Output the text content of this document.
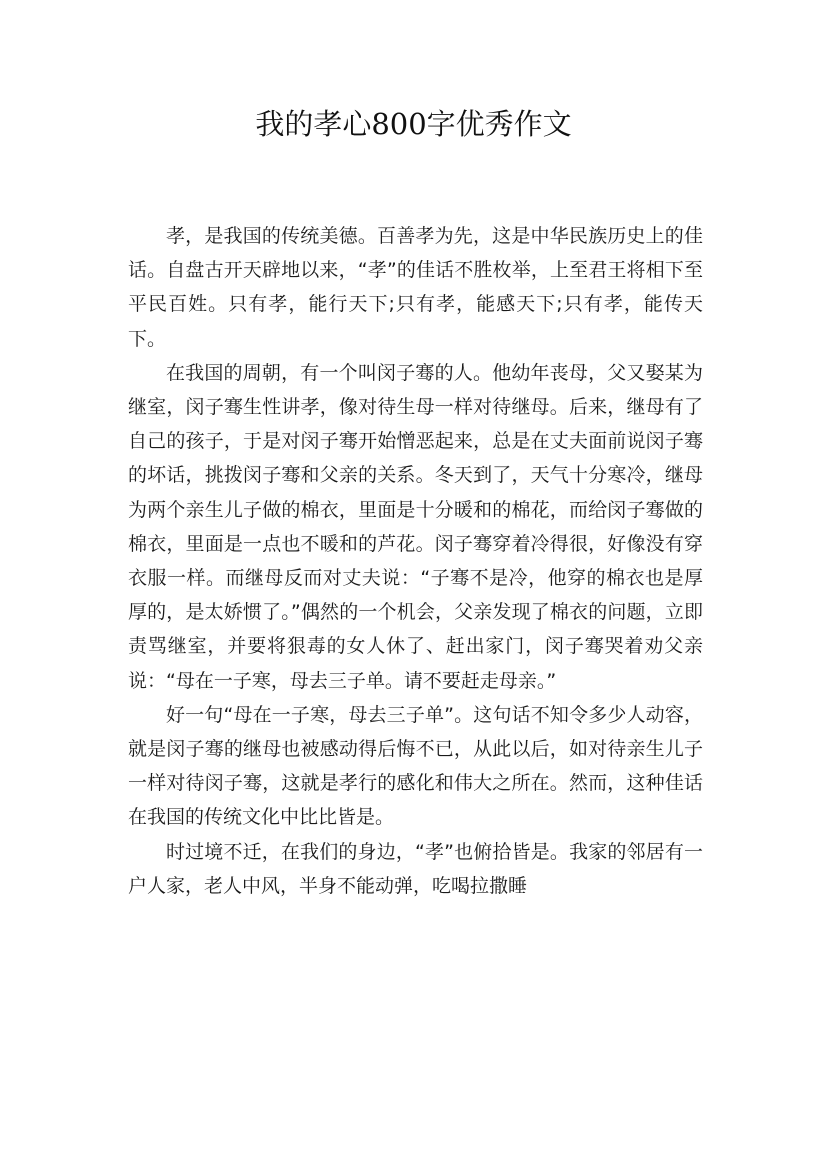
我的孝心800字优秀作文

孝，是我国的传统美德。百善孝为先，这是中华民族历史上的佳话。自盘古开天辟地以来，“孝”的佳话不胜枚举，上至君王将相下至平民百姓。只有孝，能行天下;只有孝，能感天下;只有孝，能传天下。

在我国的周朝，有一个叫闵子骞的人。他幼年丧母，父又娶某为继室，闵子骞生性讲孝，像对待生母一样对待继母。后来，继母有了自己的孩子，于是对闵子骞开始憎恶起来，总是在丈夫面前说闵子骞的坏话，挑拨闵子骞和父亲的关系。冬天到了，天气十分寒冷，继母为两个亲生儿子做的棉衣，里面是十分暖和的棉花，而给闵子骞做的棉衣，里面是一点也不暖和的芦花。闵子骞穿着冷得很，好像没有穿衣服一样。而继母反而对丈夫说：“子骞不是冷，他穿的棉衣也是厚厚的，是太娇惯了。”偶然的一个机会，父亲发现了棉衣的问题，立即责骂继室，并要将狠毒的女人休了、赶出家门，闵子骞哭着劝父亲说：“母在一子寒，母去三子单。请不要赶走母亲。”

好一句“母在一子寒，母去三子单”。这句话不知令多少人动容，就是闵子骞的继母也被感动得后悔不已，从此以后，如对待亲生儿子一样对待闵子骞，这就是孝行的感化和伟大之所在。然而，这种佳话在我国的传统文化中比比皆是。

时过境不迁，在我们的身边，“孝”也俯拾皆是。我家的邻居有一户人家，老人中风，半身不能动弹，吃喝拉撒睡
